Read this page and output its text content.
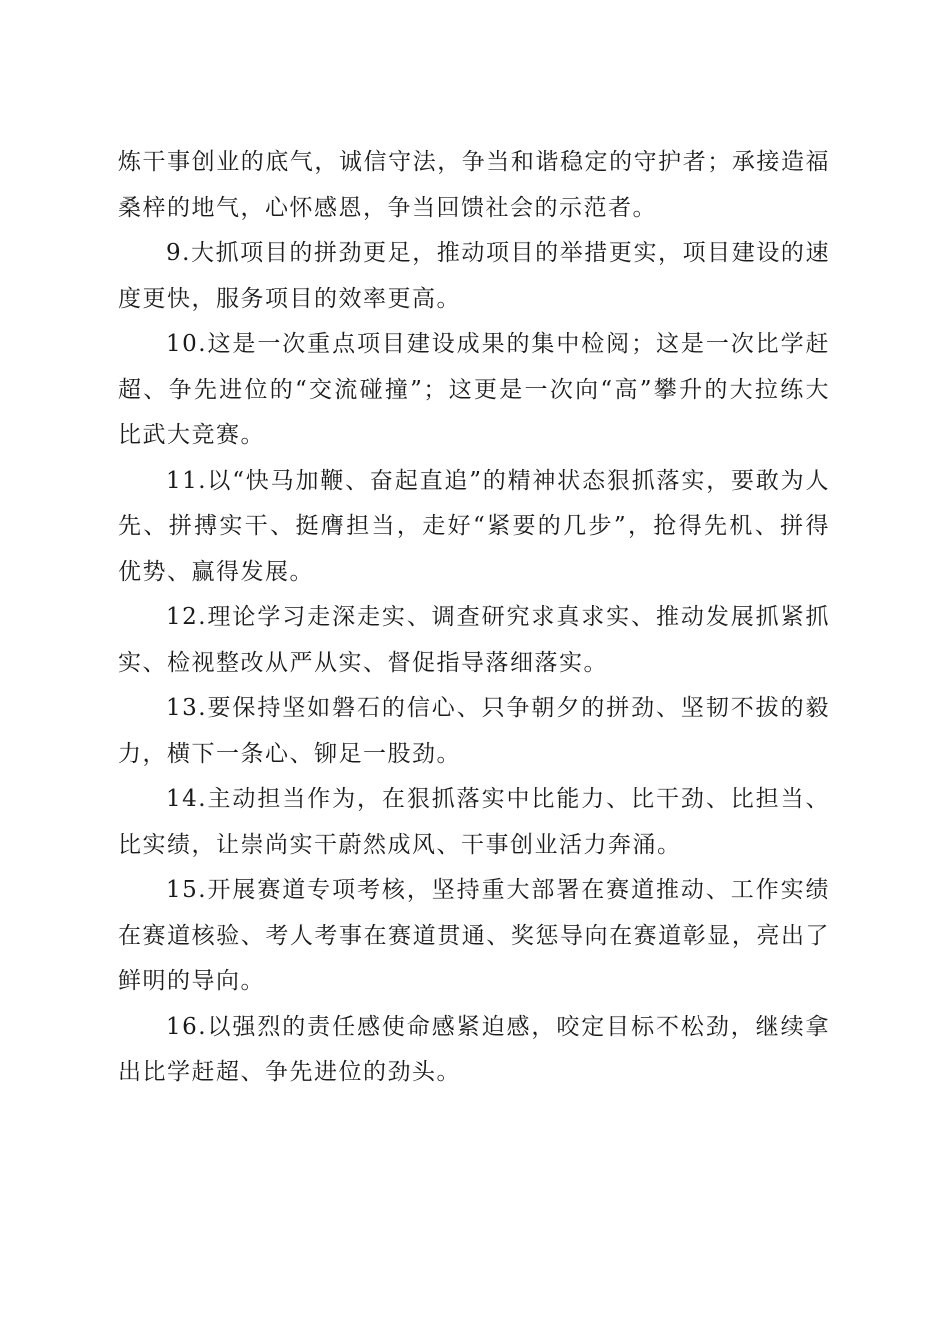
炼干事创业的底气，诚信守法，争当和谐稳定的守护者；承接造福桑梓的地气，心怀感恩，争当回馈社会的示范者。

9.大抓项目的拼劲更足，推动项目的举措更实，项目建设的速度更快，服务项目的效率更高。

10.这是一次重点项目建设成果的集中检阅；这是一次比学赶超、争先进位的“交流碰撞”；这更是一次向“高”攀升的大拉练大比武大竞赛。

11.以“快马加鞭、奋起直追”的精神状态狠抓落实，要敢为人先、拼搏实干、挺膺担当，走好“紧要的几步”，抢得先机、拼得优势、赢得发展。

12.理论学习走深走实、调查研究求真求实、推动发展抓紧抓实、检视整改从严从实、督促指导落细落实。

13.要保持坚如磐石的信心、只争朝夕的拼劲、坚韧不拔的毅力，横下一条心、铆足一股劲。

14.主动担当作为，在狠抓落实中比能力、比干劲、比担当、比实绩，让崇尚实干蔚然成风、干事创业活力奔涌。

15.开展赛道专项考核，坚持重大部署在赛道推动、工作实绩在赛道核验、考人考事在赛道贯通、奖惩导向在赛道彰显，亮出了鲜明的导向。

16.以强烈的责任感使命感紧迫感，咬定目标不松劲，继续拿出比学赶超、争先进位的劲头。
